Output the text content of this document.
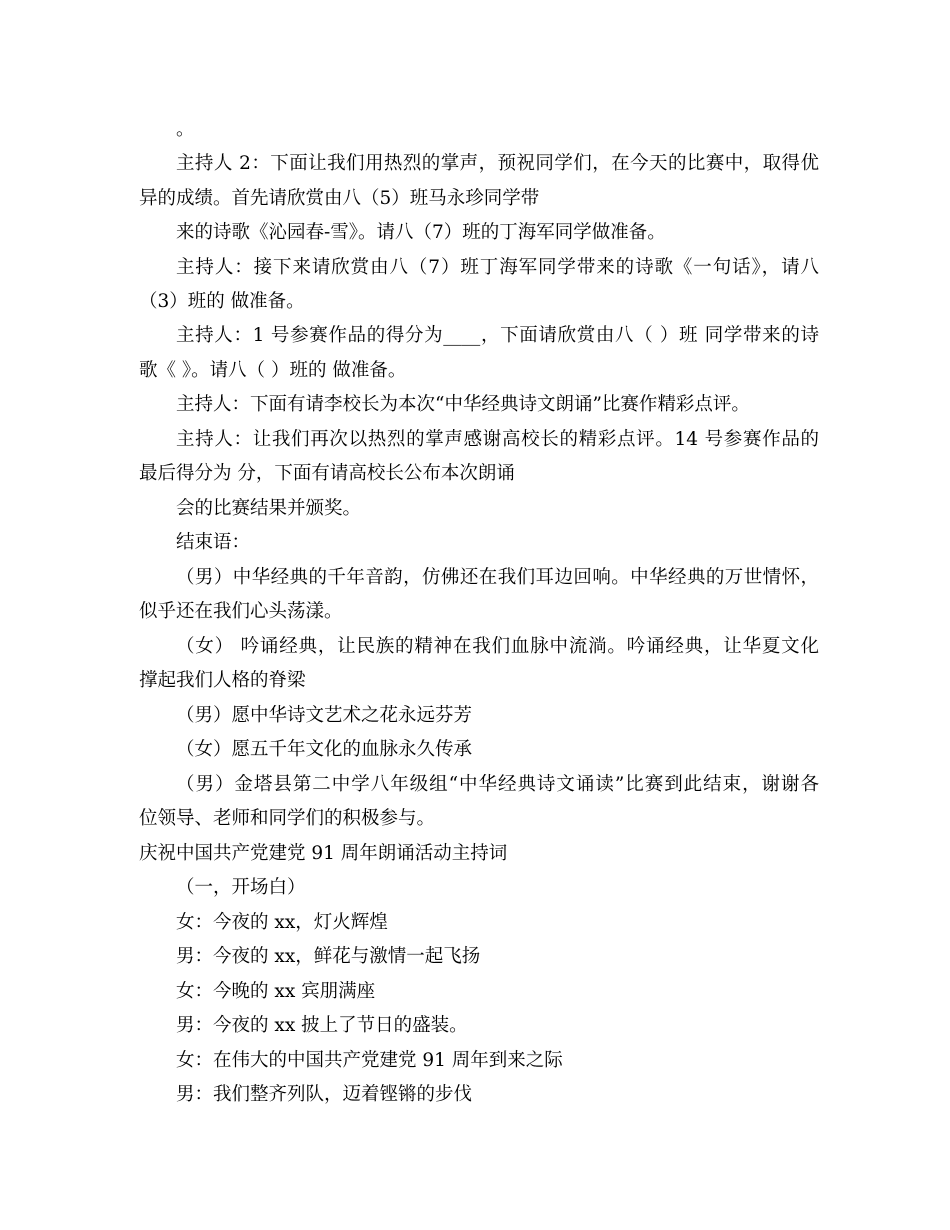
。
主持人 2：下面让我们用热烈的掌声，预祝同学们，在今天的比赛中，取得优
异的成绩。首先请欣赏由八（5）班马永珍同学带
来的诗歌《沁园春-雪》。请八（7）班的丁海军同学做准备。
主持人：接下来请欣赏由八（7）班丁海军同学带来的诗歌《一句话》，请八
（3）班的 做准备。
主持人：1 号参赛作品的得分为____，下面请欣赏由八（ ）班 同学带来的诗
歌《 》。请八（ ）班的 做准备。
主持人：下面有请李校长为本次“中华经典诗文朗诵”比赛作精彩点评。
主持人：让我们再次以热烈的掌声感谢高校长的精彩点评。14 号参赛作品的
最后得分为 分，下面有请高校长公布本次朗诵
会的比赛结果并颁奖。
结束语：
（男）中华经典的千年音韵，仿佛还在我们耳边回响。中华经典的万世情怀，
似乎还在我们心头荡漾。
（女） 吟诵经典，让民族的精神在我们血脉中流淌。吟诵经典，让华夏文化
撑起我们人格的脊梁
（男）愿中华诗文艺术之花永远芬芳
（女）愿五千年文化的血脉永久传承
（男）金塔县第二中学八年级组“中华经典诗文诵读”比赛到此结束，谢谢各
位领导、老师和同学们的积极参与。
庆祝中国共产党建党 91 周年朗诵活动主持词
（一，开场白）
女：今夜的 xx，灯火辉煌
男：今夜的 xx，鲜花与激情一起飞扬
女：今晚的 xx 宾朋满座
男：今夜的 xx 披上了节日的盛装。
女：在伟大的中国共产党建党 91 周年到来之际
男：我们整齐列队，迈着铿锵的步伐
